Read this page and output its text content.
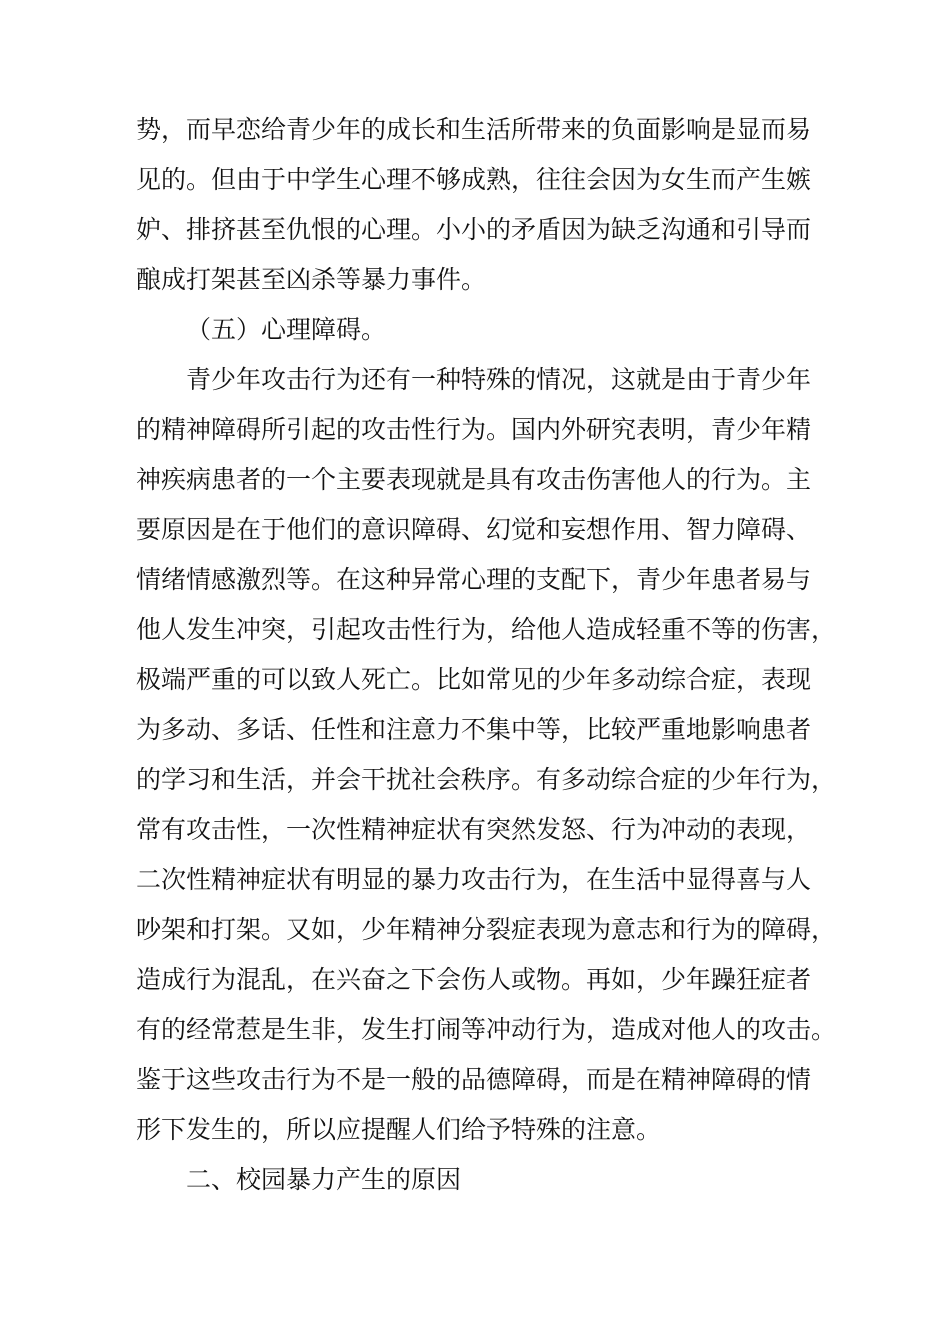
势，而早恋给青少年的成长和生活所带来的负面影响是显而易
见的。但由于中学生心理不够成熟，往往会因为女生而产生嫉
妒、排挤甚至仇恨的心理。小小的矛盾因为缺乏沟通和引导而
酿成打架甚至凶杀等暴力事件。
（五）心理障碍。
青少年攻击行为还有一种特殊的情况，这就是由于青少年
的精神障碍所引起的攻击性行为。国内外研究表明，青少年精
神疾病患者的一个主要表现就是具有攻击伤害他人的行为。主
要原因是在于他们的意识障碍、幻觉和妄想作用、智力障碍、
情绪情感激烈等。在这种异常心理的支配下，青少年患者易与
他人发生冲突，引起攻击性行为，给他人造成轻重不等的伤害，
极端严重的可以致人死亡。比如常见的少年多动综合症，表现
为多动、多话、任性和注意力不集中等，比较严重地影响患者
的学习和生活，并会干扰社会秩序。有多动综合症的少年行为，
常有攻击性，一次性精神症状有突然发怒、行为冲动的表现，
二次性精神症状有明显的暴力攻击行为，在生活中显得喜与人
吵架和打架。又如，少年精神分裂症表现为意志和行为的障碍，
造成行为混乱，在兴奋之下会伤人或物。再如，少年躁狂症者
有的经常惹是生非，发生打闹等冲动行为，造成对他人的攻击。
鉴于这些攻击行为不是一般的品德障碍，而是在精神障碍的情
形下发生的，所以应提醒人们给予特殊的注意。
二、校园暴力产生的原因
